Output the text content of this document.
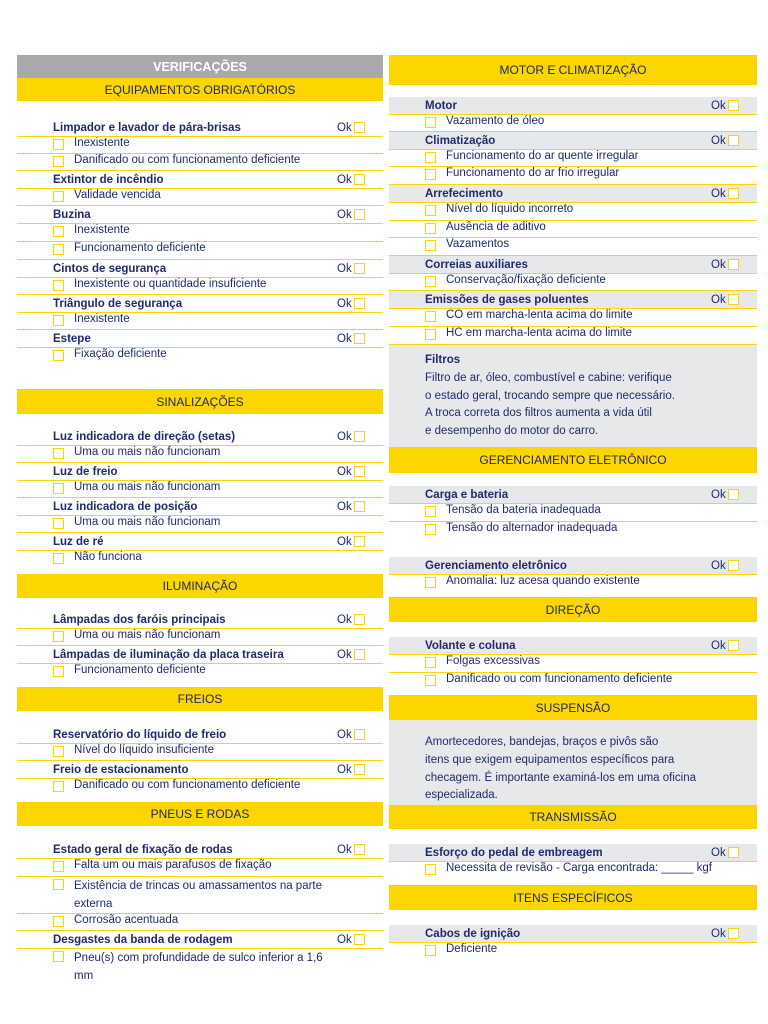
VERIFICAÇÕES
EQUIPAMENTOS OBRIGATÓRIOS
Limpador e lavador de pára-brisas	Ok
Inexistente
Danificado ou com funcionamento deficiente
Extintor de incêndio	Ok
Validade vencida
Buzina	Ok
Inexistente
Funcionamento deficiente
Cintos de segurança	Ok
Inexistente ou quantidade insuficiente
Triângulo de segurança	Ok
Inexistente
Estepe	Ok
Fixação deficiente
SINALIZAÇÕES
Luz indicadora de direção (setas)	Ok
Uma ou mais não funcionam
Luz de freio	Ok
Uma ou mais não funcionam
Luz indicadora de posição	Ok
Uma ou mais não funcionam
Luz de ré	Ok
Não funciona
ILUMINAÇÃO
Lâmpadas dos faróis principais	Ok
Uma ou mais não funcionam
Lâmpadas de iluminação da placa traseira	Ok
Funcionamento deficiente
FREIOS
Reservatório do líquido de freio	Ok
Nível do líquido insuficiente
Freio de estacionamento	Ok
Danificado ou com funcionamento deficiente
PNEUS E RODAS
Estado geral de fixação de rodas	Ok
Falta um ou mais parafusos de fixação
Existência de trincas ou amassamentos na parte externa
Corrosão acentuada
Desgastes da banda de rodagem	Ok
Pneu(s) com profundidade de sulco inferior a 1,6 mm
MOTOR E CLIMATIZAÇÃO
Motor	Ok
Vazamento de óleo
Climatização	Ok
Funcionamento do ar quente irregular
Funcionamento do ar frio irregular
Arrefecimento	Ok
Nível do líquido incorreto
Ausência de aditivo
Vazamentos
Correias auxiliares	Ok
Conservação/fixação deficiente
Emissões de gases poluentes	Ok
CO em marcha-lenta acima do limite
HC em marcha-lenta acima do limite
Filtros
Filtro de ar, óleo, combustível e cabine: verifique
o estado geral, trocando sempre que necessário.
A troca correta dos filtros aumenta a vida útil
e desempenho do motor do carro.
GERENCIAMENTO ELETRÔNICO
Carga e bateria	Ok
Tensão da bateria inadequada
Tensão do alternador inadequada
Gerenciamento eletrônico	Ok
Anomalia: luz acesa quando existente
DIREÇÃO
Volante e coluna	Ok
Folgas excessivas
Danificado ou com funcionamento deficiente
SUSPENSÃO
Amortecedores, bandejas, braços e pivôs são
itens que exigem equipamentos específicos para
checagem. É importante examiná-los em uma oficina
especializada.
TRANSMISSÃO
Esforço do pedal de embreagem	Ok
Necessita de revisão - Carga encontrada: _____ kgf
ITENS ESPECÍFICOS
Cabos de ignição	Ok
Deficiente
